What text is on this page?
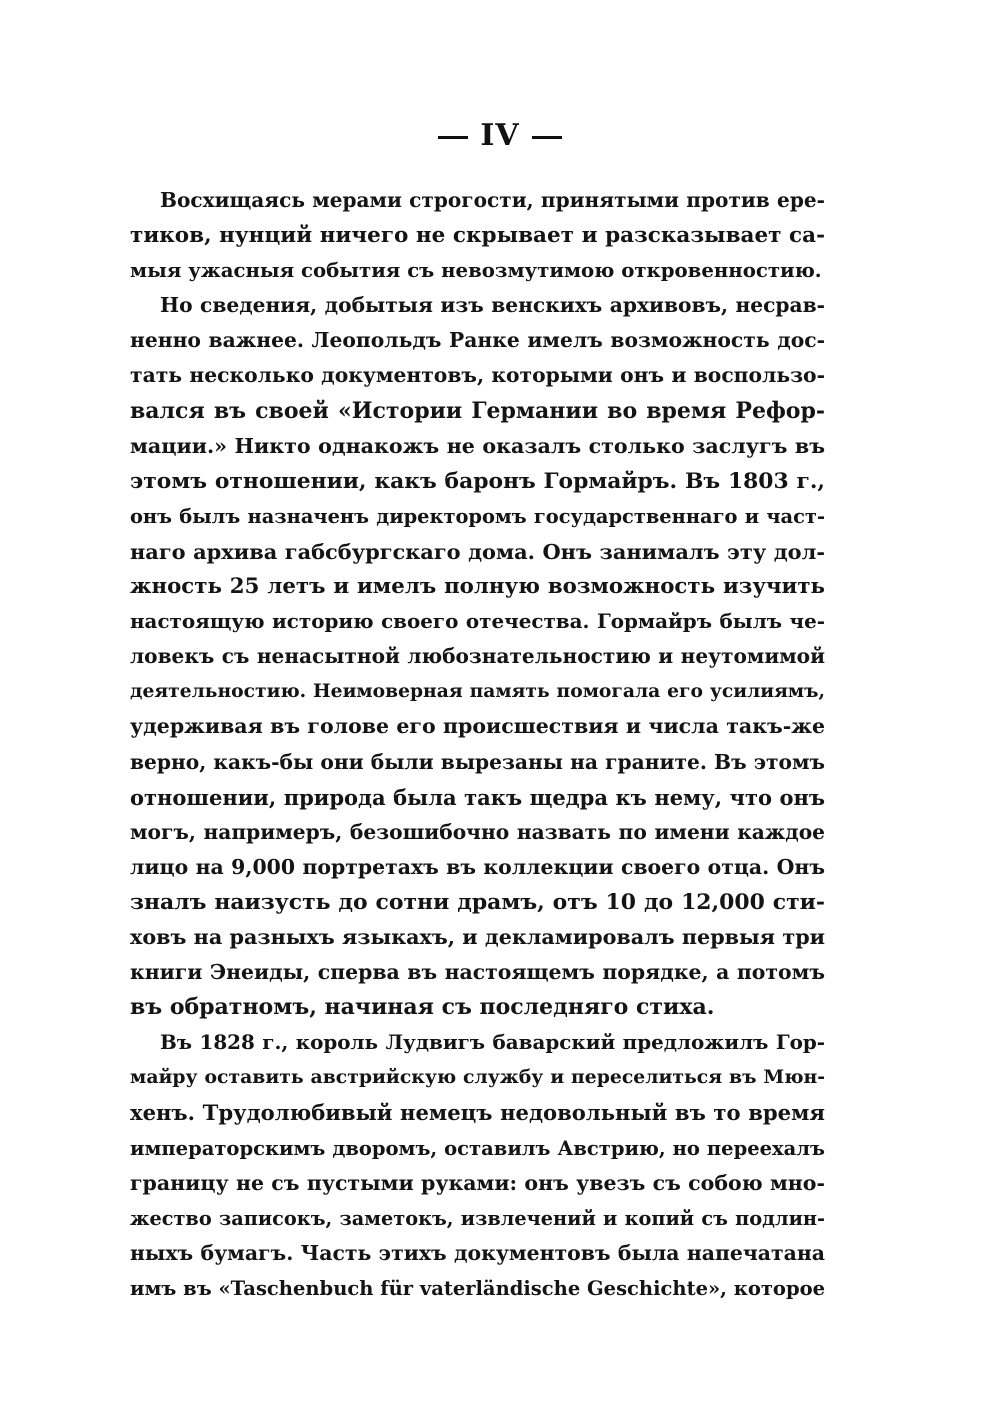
IV
Восхищаясь мерами строгости, принятыми против ере-
тиков, нунций ничего не скрывает и разсказывает са-
мыя ужасныя события съ невозмутимою откровенностию.
Но сведения, добытыя изъ венскихъ архивовъ, несрав-
ненно важнее. Леопольдъ Ранке имелъ возможность дос-
тать несколько документовъ, которыми онъ и воспользо-
вался въ своей «Истории Германии во время Рефор-
мации.» Никто однакожъ не оказалъ столько заслугъ въ
этомъ отношении, какъ баронъ Гормайръ. Въ 1803 г.,
онъ былъ назначенъ директоромъ государственнаго и част-
наго архива габсбургскаго дома. Онъ занималъ эту дол-
жность 25 летъ и имелъ полную возможность изучить
настоящую историю своего отечества. Гормайръ былъ че-
ловекъ съ ненасытной любознательностию и неутомимой
деятельностию. Неимоверная память помогала его усилиямъ,
удерживая въ голове его происшествия и числа такъ-же
верно, какъ-бы они были вырезаны на граните. Въ этомъ
отношении, природа была такъ щедра къ нему, что онъ
могъ, напримеръ, безошибочно назвать по имени каждое
лицо на 9,000 портретахъ въ коллекции своего отца. Онъ
зналъ наизусть до сотни драмъ, отъ 10 до 12,000 сти-
ховъ на разныхъ языкахъ, и декламировалъ первыя три
книги Энеиды, сперва въ настоящемъ порядке, а потомъ
въ обратномъ, начиная съ последняго стиха.
Въ 1828 г., король Лудвигъ баварский предложилъ Гор-
майру оставить австрийскую службу и переселиться въ Мюн-
хенъ. Трудолюбивый немецъ недовольный въ то время
императорскимъ дворомъ, оставилъ Австрию, но переехалъ
границу не съ пустыми руками: онъ увезъ съ собою мно-
жество записокъ, заметокъ, извлечений и копий съ подлин-
ныхъ бумагъ. Часть этихъ документовъ была напечатана
имъ въ «Taschenbuch für vaterländische Geschichte», которое
